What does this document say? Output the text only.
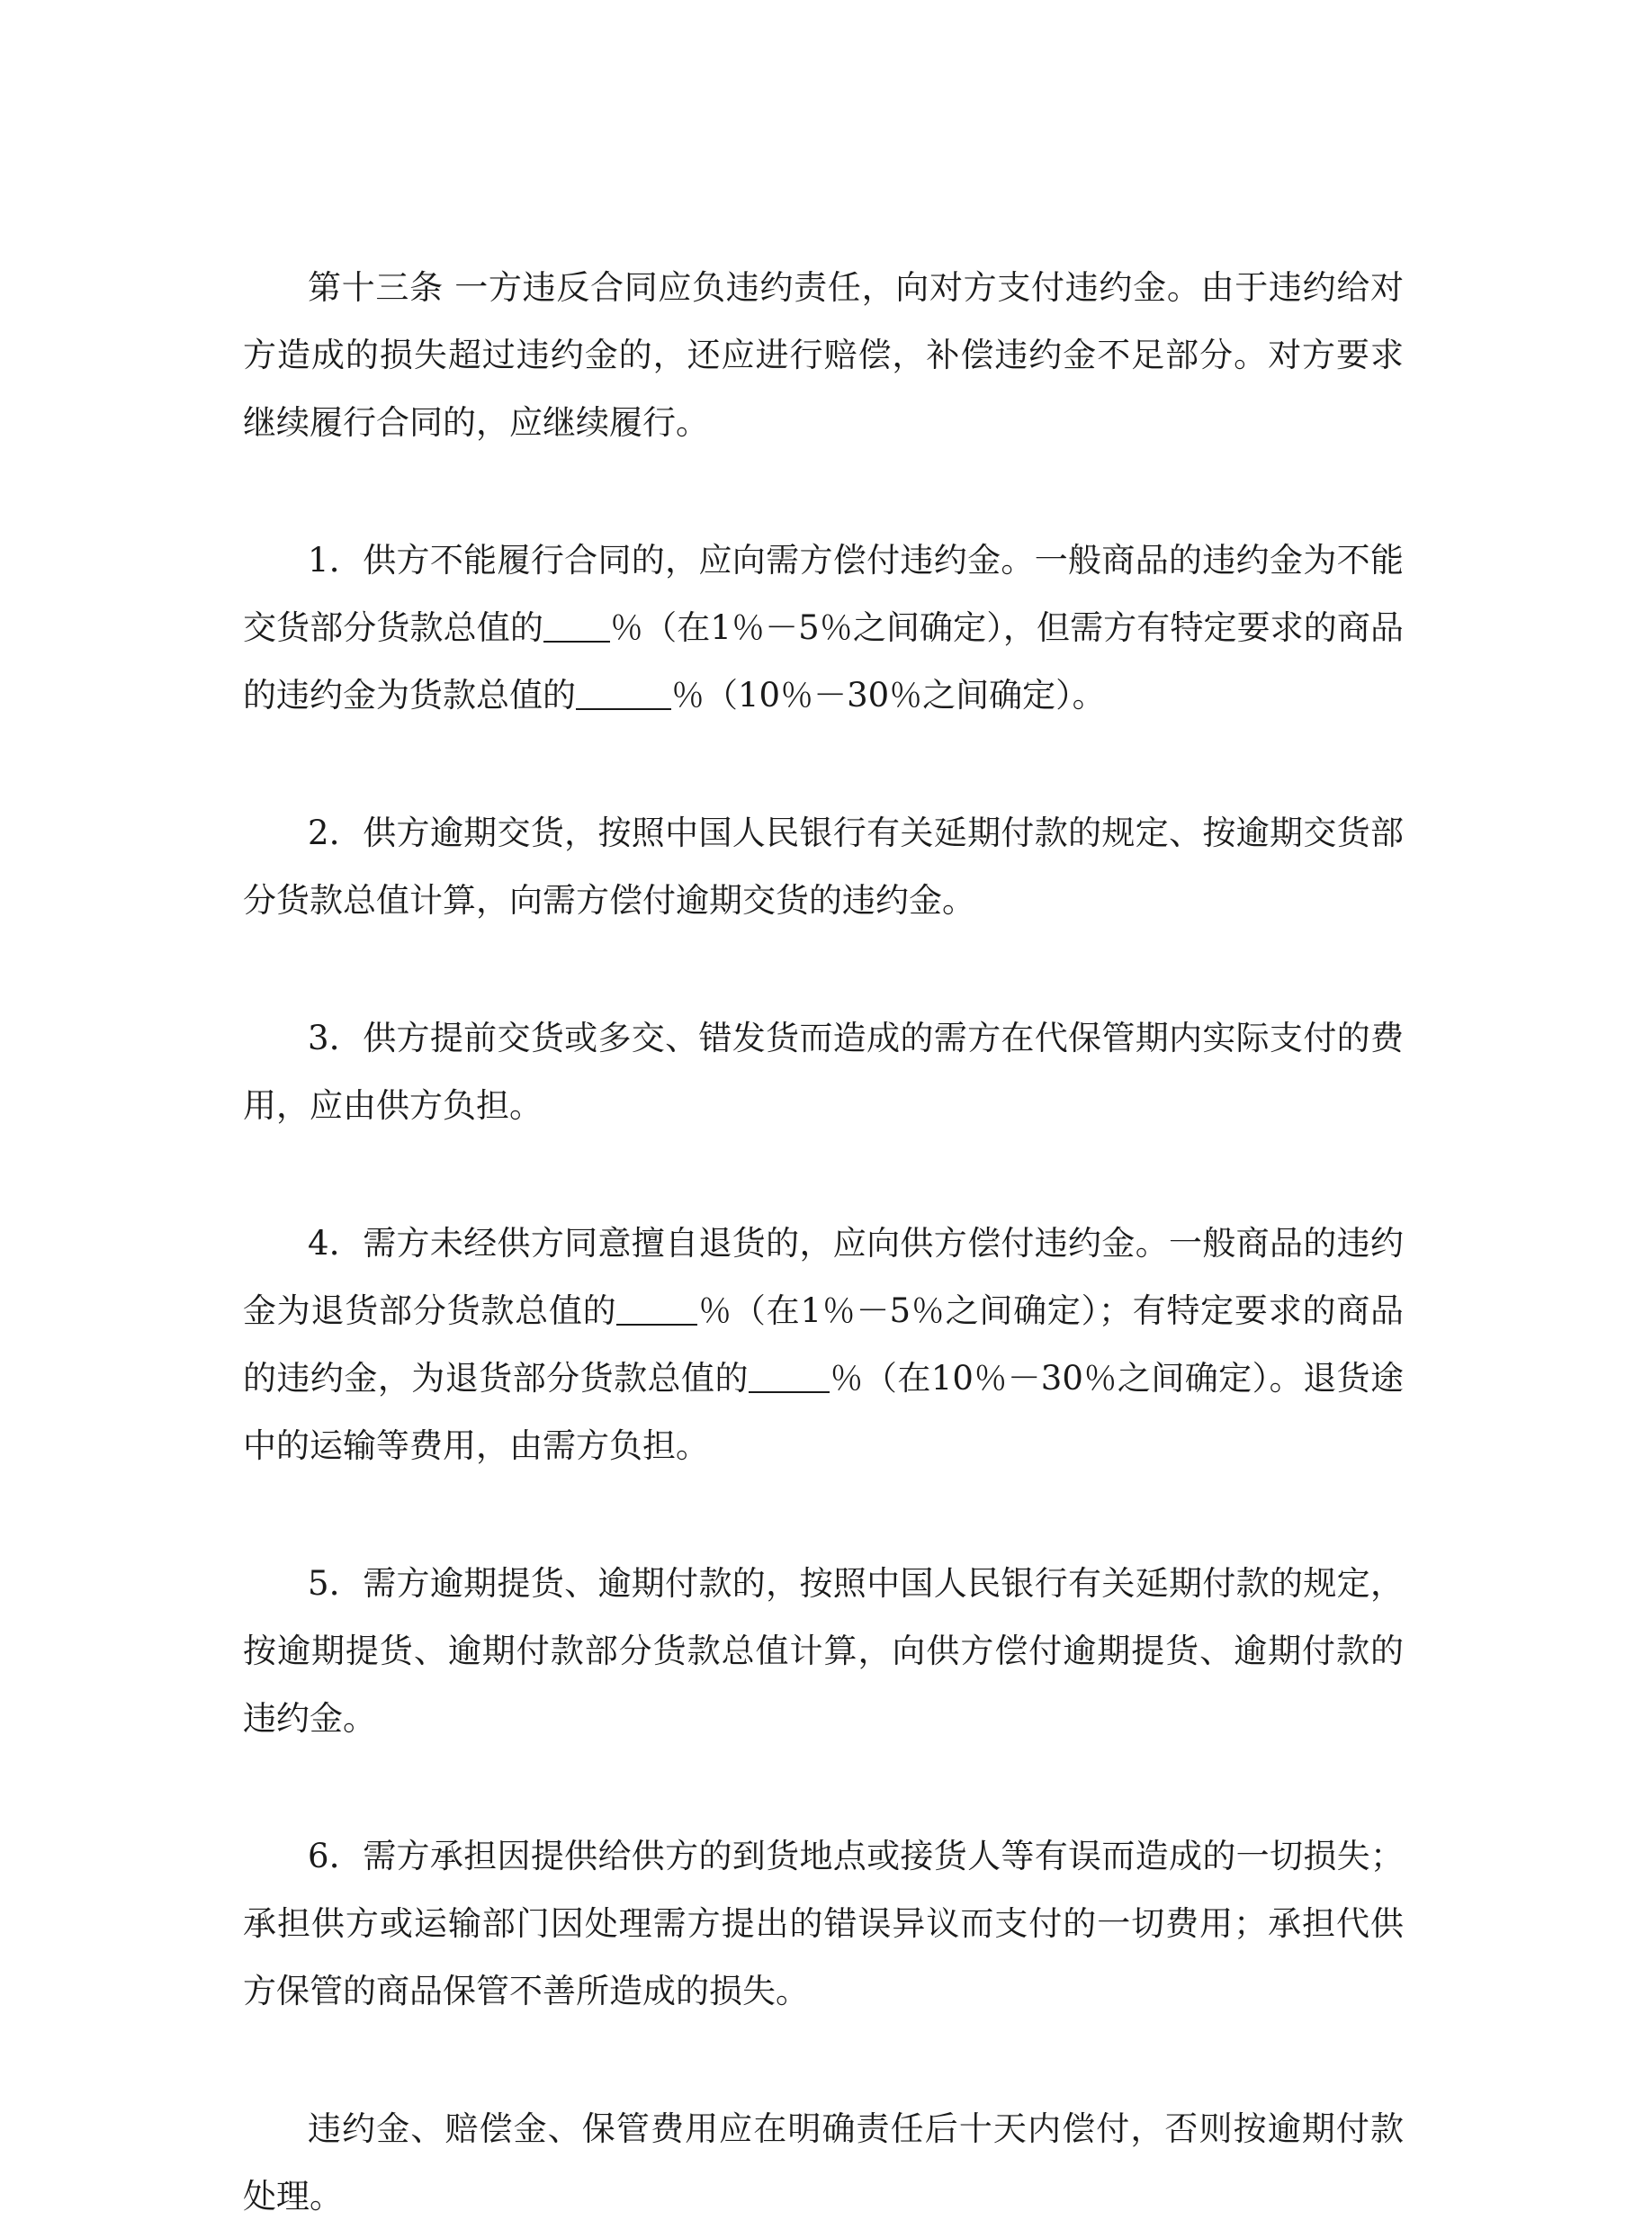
第十三条 一方违反合同应负违约责任，向对方支付违约金。由于违约给对方造成的损失超过违约金的，还应进行赔偿，补偿违约金不足部分。对方要求继续履行合同的，应继续履行。

1．供方不能履行合同的，应向需方偿付违约金。一般商品的违约金为不能交货部分货款总值的 ％（在1％－5％之间确定），但需方有特定要求的商品的违约金为货款总值的	％（10％－30％之间确定）。

2．供方逾期交货，按照中国人民银行有关延期付款的规定、按逾期交货部分货款总值计算，向需方偿付逾期交货的违约金。

3．供方提前交货或多交、错发货而造成的需方在代保管期内实际支付的费用，应由供方负担。

4．需方未经供方同意擅自退货的，应向供方偿付违约金。一般商品的违约金为退货部分货款总值的 ％（在1％－5％之间确定）；有特定要求的商品的违约金，为退货部分货款总值的 ％（在10％－30％之间确定）。退货途中的运输等费用，由需方负担。

5．需方逾期提货、逾期付款的，按照中国人民银行有关延期付款的规定，按逾期提货、逾期付款部分货款总值计算，向供方偿付逾期提货、逾期付款的违约金。

6．需方承担因提供给供方的到货地点或接货人等有误而造成的一切损失；承担供方或运输部门因处理需方提出的错误异议而支付的一切费用；承担代供方保管的商品保管不善所造成的损失。

违约金、赔偿金、保管费用应在明确责任后十天内偿付，否则按逾期付款处理。
